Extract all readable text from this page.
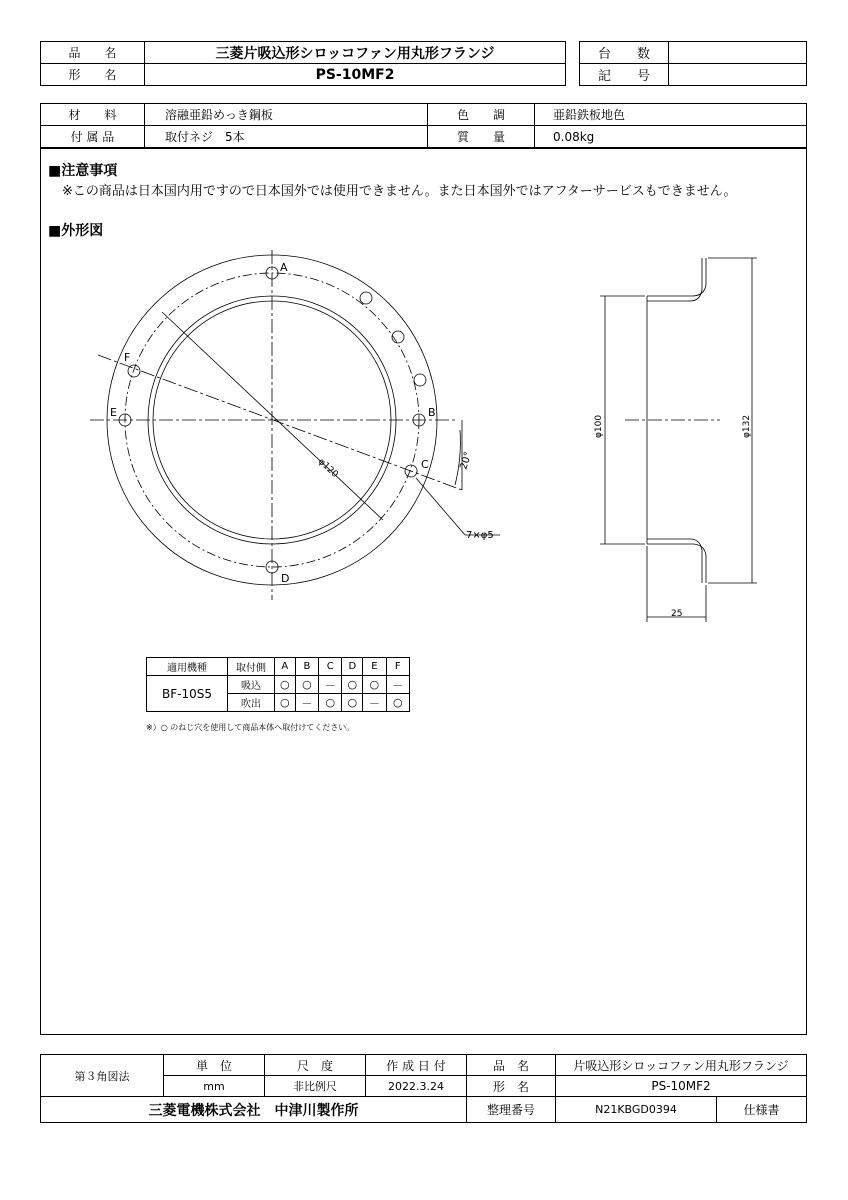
品　　名	三菱片吸込形シロッコファン用丸形フランジ
形　　名	PS-10MF2
台　　数	
記　　号	
材　　料	溶融亜鉛めっき鋼板	色　　調	亜鉛鉄板地色
付 属 品	取付ネジ　5本	質　　量	0.08kg
■注意事項
※この商品は日本国内用ですので日本国外では使用できません。また日本国外ではアフターサービスもできません。
■外形図
A
B
C
D
E
F
φ120	20°
7×φ5
φ100	φ132
25
適用機種	取付側	A	B	C	D	E	F
BF-10S5	吸込	○	○	－	○	○	－
	吹出	○	－	○	○	－	○
※）○ のねじ穴を使用して商品本体へ取付けてください。
第３角図法	単　位	尺　度	作 成 日 付	品　名	片吸込形シロッコファン用丸形フランジ	
	mm	非比例尺	2022.3.24	形　名	PS-10MF2	
三菱電機株式会社　中津川製作所				整理番号	N21KBGD0394	仕様書
